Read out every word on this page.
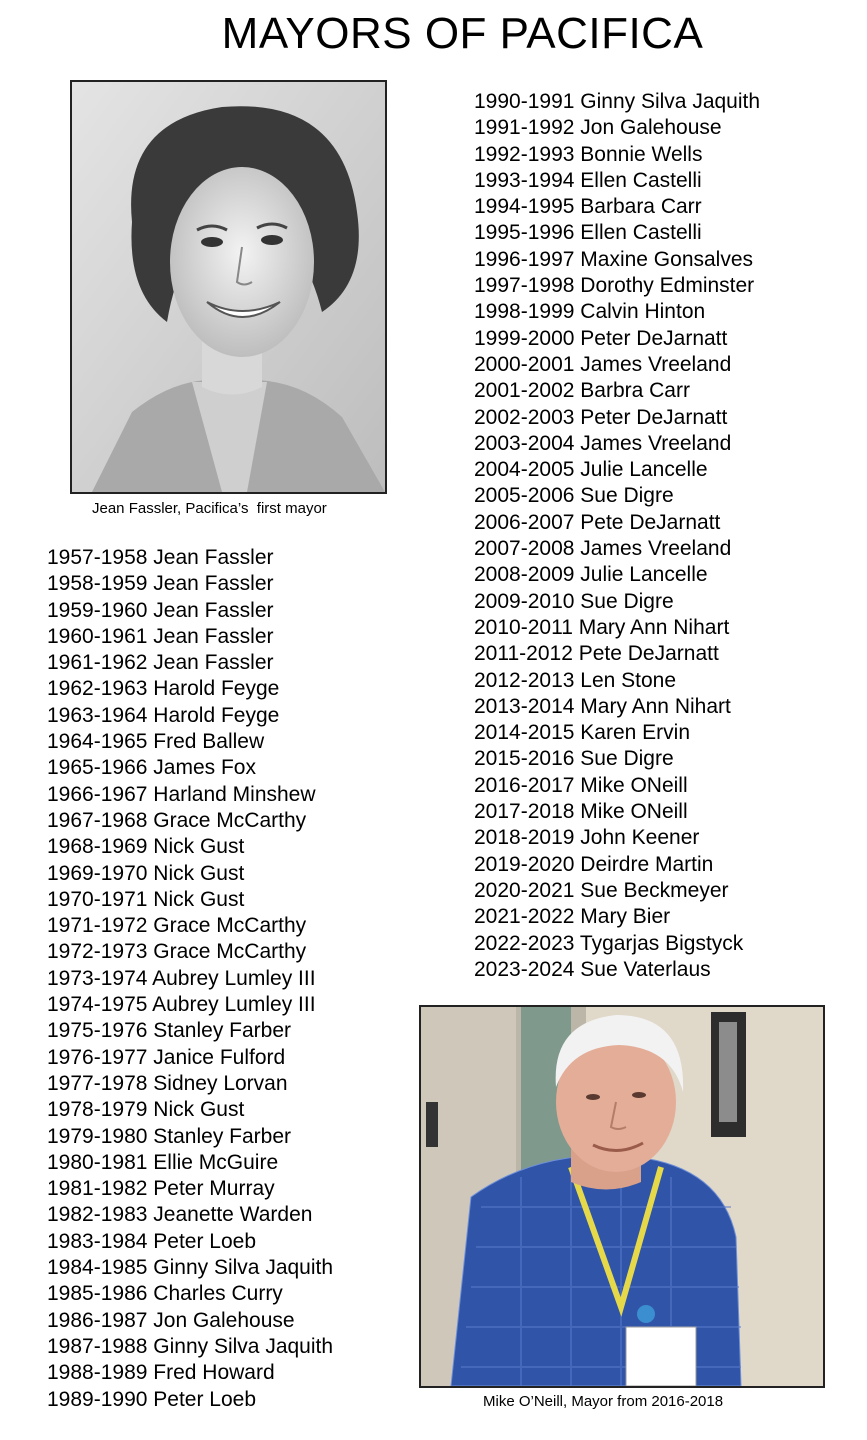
MAYORS OF PACIFICA
Jean Fassler, Pacifica’s  first mayor
Mike O’Neill, Mayor from 2016-2018
1957-1958 Jean Fassler
1958-1959 Jean Fassler
1959-1960 Jean Fassler
1960-1961 Jean Fassler
1961-1962 Jean Fassler
1962-1963 Harold Feyge
1963-1964 Harold Feyge
1964-1965 Fred Ballew
1965-1966 James Fox
1966-1967 Harland Minshew
1967-1968 Grace McCarthy
1968-1969 Nick Gust
1969-1970 Nick Gust
1970-1971 Nick Gust
1971-1972 Grace McCarthy
1972-1973 Grace McCarthy
1973-1974 Aubrey Lumley III
1974-1975 Aubrey Lumley III
1975-1976 Stanley Farber
1976-1977 Janice Fulford
1977-1978 Sidney Lorvan
1978-1979 Nick Gust
1979-1980 Stanley Farber
1980-1981 Ellie McGuire
1981-1982 Peter Murray
1982-1983 Jeanette Warden
1983-1984 Peter Loeb
1984-1985 Ginny Silva Jaquith
1985-1986 Charles Curry
1986-1987 Jon Galehouse
1987-1988 Ginny Silva Jaquith
1988-1989 Fred Howard
1989-1990 Peter Loeb
1990-1991 Ginny Silva Jaquith
1991-1992 Jon Galehouse
1992-1993 Bonnie Wells
1993-1994 Ellen Castelli
1994-1995 Barbara Carr
1995-1996 Ellen Castelli
1996-1997 Maxine Gonsalves
1997-1998 Dorothy Edminster
1998-1999 Calvin Hinton
1999-2000 Peter DeJarnatt
2000-2001 James Vreeland
2001-2002 Barbra Carr
2002-2003 Peter DeJarnatt
2003-2004 James Vreeland
2004-2005 Julie Lancelle
2005-2006 Sue Digre
2006-2007 Pete DeJarnatt
2007-2008 James Vreeland
2008-2009 Julie Lancelle
2009-2010 Sue Digre
2010-2011 Mary Ann Nihart
2011-2012 Pete DeJarnatt
2012-2013 Len Stone
2013-2014 Mary Ann Nihart
2014-2015 Karen Ervin
2015-2016 Sue Digre
2016-2017 Mike ONeill
2017-2018 Mike ONeill
2018-2019 John Keener
2019-2020 Deirdre Martin
2020-2021 Sue Beckmeyer
2021-2022 Mary Bier
2022-2023 Tygarjas Bigstyck
2023-2024 Sue Vaterlaus
